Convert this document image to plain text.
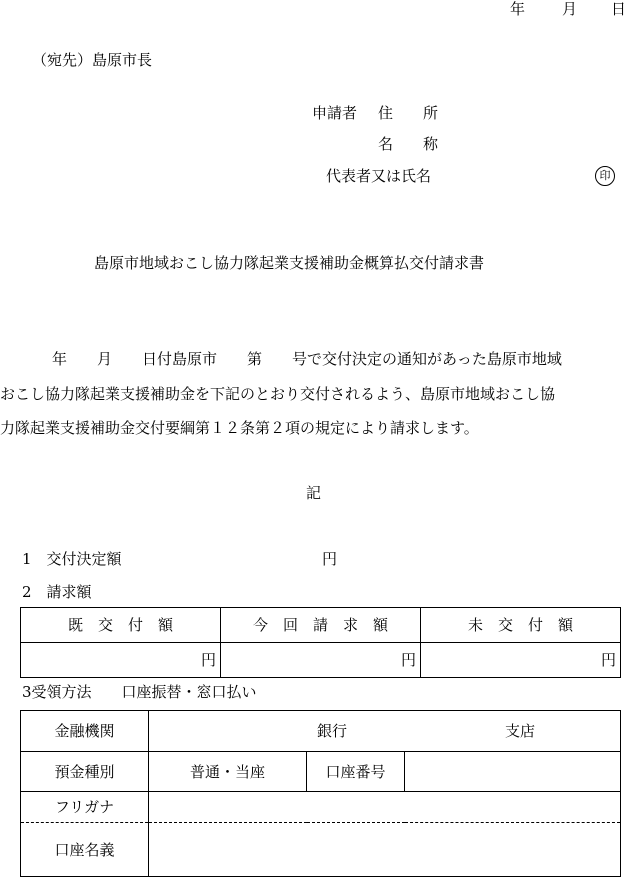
年 月 日
（宛先）島原市長
申請者 住　　所
名　　称
代表者又は氏名	印
島原市地域おこし協力隊起業支援補助金概算払交付請求書
年　　月　　日付島原市　　第　　号で交付決定の通知があった島原市地域
おこし協力隊起業支援補助金を下記のとおり交付されるよう、島原市地域おこし協
力隊起業支援補助金交付要綱第１２条第２項の規定により請求します。
記
1　交付決定額	円
2　請求額
既　交　付　額	今　回　請　求　額	未　交　付　額
円	円	円
3受領方法　　口座振替・窓口払い
金融機関	銀行 支店		

預金種別	普通・当座	口座番号	
フリガナ			
口座名義			
